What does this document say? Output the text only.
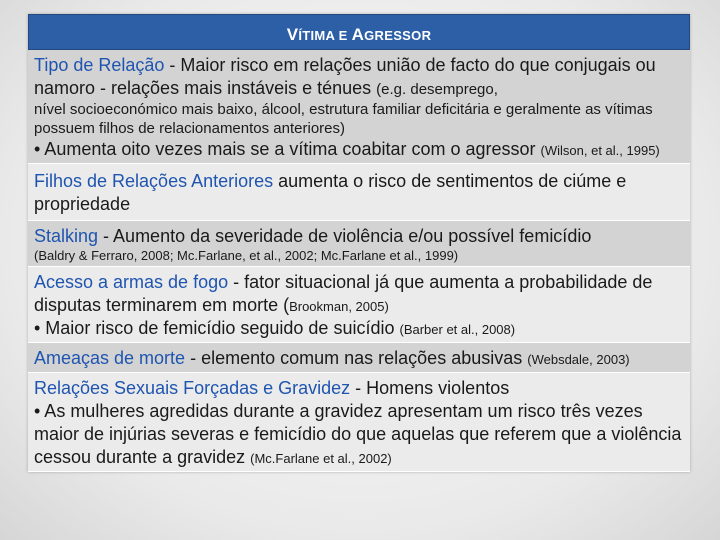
VÍTIMA E AGRESSOR
Tipo de Relação - Maior risco em relações união de facto do que conjugais ou namoro - relações mais instáveis e ténues (e.g. desemprego,
nível socioeconómico mais baixo, álcool, estrutura familiar deficitária e geralmente as vítimas possuem filhos de relacionamentos anteriores)
• Aumenta oito vezes mais se a vítima coabitar com o agressor (Wilson, et al., 1995)
Filhos de Relações Anteriores aumenta o risco de sentimentos de ciúme e propriedade
Stalking - Aumento da severidade de violência e/ou possível femicídio
(Baldry & Ferraro, 2008; Mc.Farlane, et al., 2002; Mc.Farlane et al., 1999)
Acesso a armas de fogo - fator situacional já que aumenta a probabilidade de disputas terminarem em morte (Brookman, 2005)
• Maior risco de femicídio seguido de suicídio (Barber et al., 2008)
Ameaças de morte - elemento comum nas relações abusivas (Websdale, 2003)
Relações Sexuais Forçadas e Gravidez - Homens violentos
• As mulheres agredidas durante a gravidez apresentam um risco três vezes maior de injúrias severas e femicídio do que aquelas que referem que a violência cessou durante a gravidez (Mc.Farlane et al., 2002)
